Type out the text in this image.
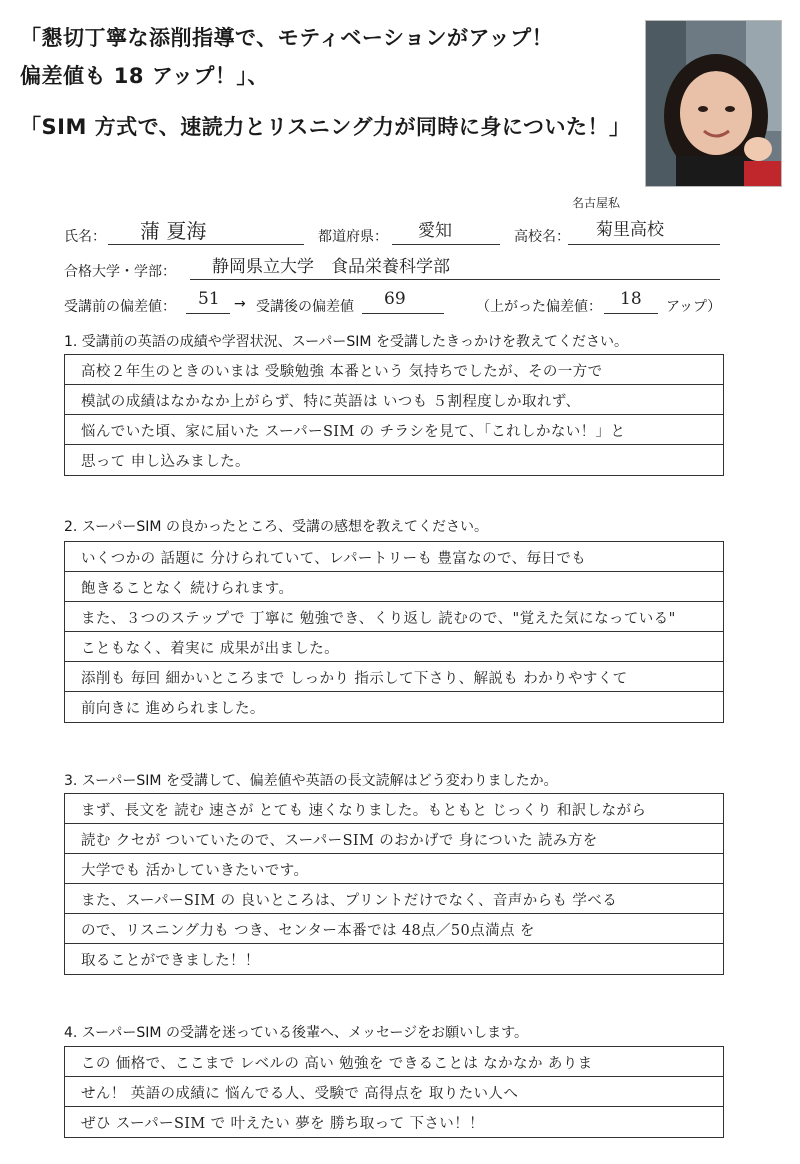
「懇切丁寧な添削指導で、モティベーションがアップ！
偏差値も 18 アップ！」、
「SIM 方式で、速読力とリスニング力が同時に身についた！」
氏名： 蒲 夏海	都道府県： 愛知	高校名：
名古屋私
菊里高校
合格大学・学部： 静岡県立大学　食品栄養科学部
受講前の偏差値： 51 → 受講後の偏差値 69	（上がった偏差値： 18 アップ）
1. 受講前の英語の成績や学習状況、スーパーSIM を受講したきっかけを教えてください。
高校２年生のときのいまは 受験勉強 本番という 気持ちでしたが、その一方で
模試の成績はなかなか上がらず、特に英語は いつも ５割程度しか取れず、
悩んでいた頃、家に届いた スーパーSIM の チラシを見て、「これしかない！」と
思って 申し込みました。
2. スーパーSIM の良かったところ、受講の感想を教えてください。
いくつかの 話題に 分けられていて、レパートリーも 豊富なので、毎日でも
飽きることなく 続けられます。
また、３つのステップで 丁寧に 勉強でき、くり返し 読むので、"覚えた気になっている"
こともなく、着実に 成果が出ました。
添削も 毎回 細かいところまで しっかり 指示して下さり、解説も わかりやすくて
前向きに 進められました。
3. スーパーSIM を受講して、偏差値や英語の長文読解はどう変わりましたか。
まず、長文を 読む 速さが とても 速くなりました。もともと じっくり 和訳しながら
読む クセが ついていたので、スーパーSIM のおかげで 身についた 読み方を
大学でも 活かしていきたいです。
また、スーパーSIM の 良いところは、プリントだけでなく、音声からも 学べる
ので、リスニング力も つき、センター本番では 48点／50点満点 を
取ることができました！！
4. スーパーSIM の受講を迷っている後輩へ、メッセージをお願いします。
この 価格で、ここまで レベルの 高い 勉強を できることは なかなか ありま
せん！ 英語の成績に 悩んでる人、受験で 高得点を 取りたい人へ
ぜひ スーパーSIM で 叶えたい 夢を 勝ち取って 下さい！！
